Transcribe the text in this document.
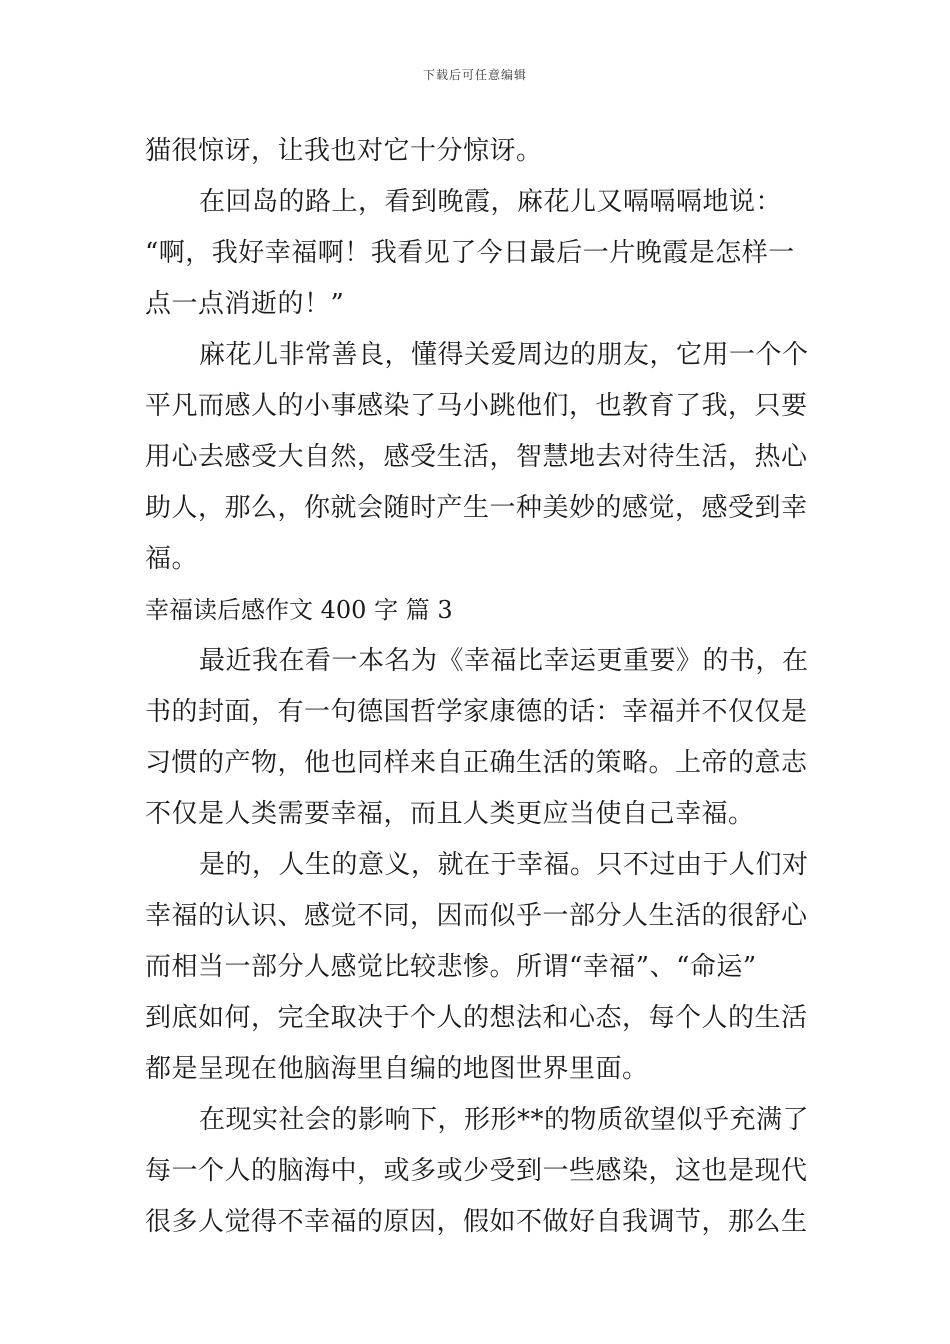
下载后可任意编辑
猫很惊讶，让我也对它十分惊讶。
在回岛的路上，看到晚霞，麻花儿又嗝嗝嗝地说：
“啊，我好幸福啊！我看见了今日最后一片晚霞是怎样一
点一点消逝的！”
麻花儿非常善良，懂得关爱周边的朋友，它用一个个
平凡而感人的小事感染了马小跳他们，也教育了我，只要
用心去感受大自然，感受生活，智慧地去对待生活，热心
助人，那么，你就会随时产生一种美妙的感觉，感受到幸
福。
幸福读后感作文 400 字 篇 3
最近我在看一本名为《幸福比幸运更重要》的书，在
书的封面，有一句德国哲学家康德的话：幸福并不仅仅是
习惯的产物，他也同样来自正确生活的策略。上帝的意志
不仅是人类需要幸福，而且人类更应当使自己幸福。
是的，人生的意义，就在于幸福。只不过由于人们对
幸福的认识、感觉不同，因而似乎一部分人生活的很舒心
而相当一部分人感觉比较悲惨。所谓“幸福”、“命运”
到底如何，完全取决于个人的想法和心态，每个人的生活
都是呈现在他脑海里自编的地图世界里面。
在现实社会的影响下，形形**的物质欲望似乎充满了
每一个人的脑海中，或多或少受到一些感染，这也是现代
很多人觉得不幸福的原因，假如不做好自我调节，那么生
